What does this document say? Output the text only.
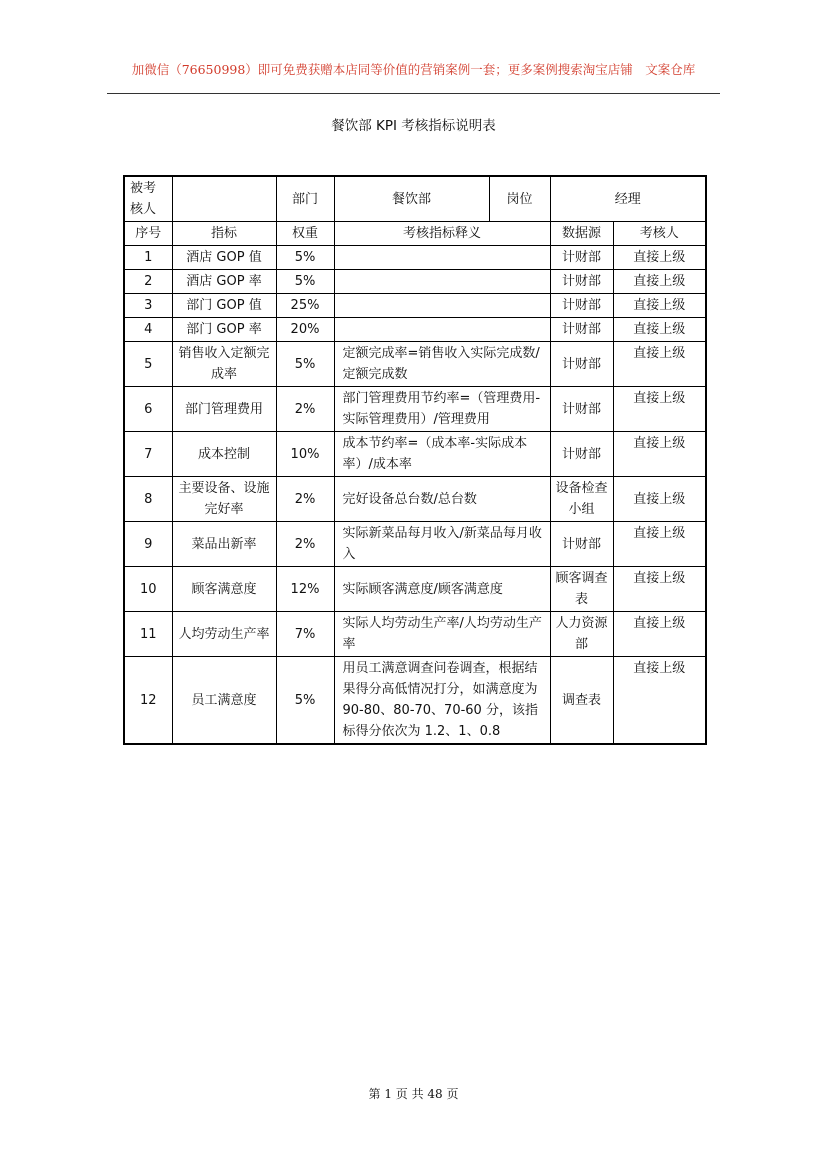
加微信（76650998）即可免费获赠本店同等价值的营销案例一套；更多案例搜索淘宝店铺　文案仓库
餐饮部 KPI 考核指标说明表
被考核人		部门	餐饮部	岗位	经理	
序号	指标	权重	考核指标释义		数据源	考核人
1	酒店 GOP 值	5%			计财部	直接上级
2	酒店 GOP 率	5%			计财部	直接上级
3	部门 GOP 值	25%			计财部	直接上级
4	部门 GOP 率	20%			计财部	直接上级
5	销售收入定额完成率	5%	定额完成率=销售收入实际完成数/定额完成数		计财部	直接上级
6	部门管理费用	2%	部门管理费用节约率=（管理费用-实际管理费用）/管理费用		计财部	直接上级
7	成本控制	10%	成本节约率=（成本率-实际成本率）/成本率		计财部	直接上级
8	主要设备、设施完好率	2%	完好设备总台数/总台数		设备检查小组	直接上级
9	菜品出新率	2%	实际新菜品每月收入/新菜品每月收入		计财部	直接上级
10	顾客满意度	12%	实际顾客满意度/顾客满意度		顾客调查表	直接上级
11	人均劳动生产率	7%	实际人均劳动生产率/人均劳动生产率		人力资源部	直接上级
12	员工满意度	5%	用员工满意调查问卷调查，根据结果得分高低情况打分，如满意度为 90-80、80-70、70-60 分，该指标得分依次为 1.2、1、0.8		调查表	直接上级
第 1 页 共 48 页
